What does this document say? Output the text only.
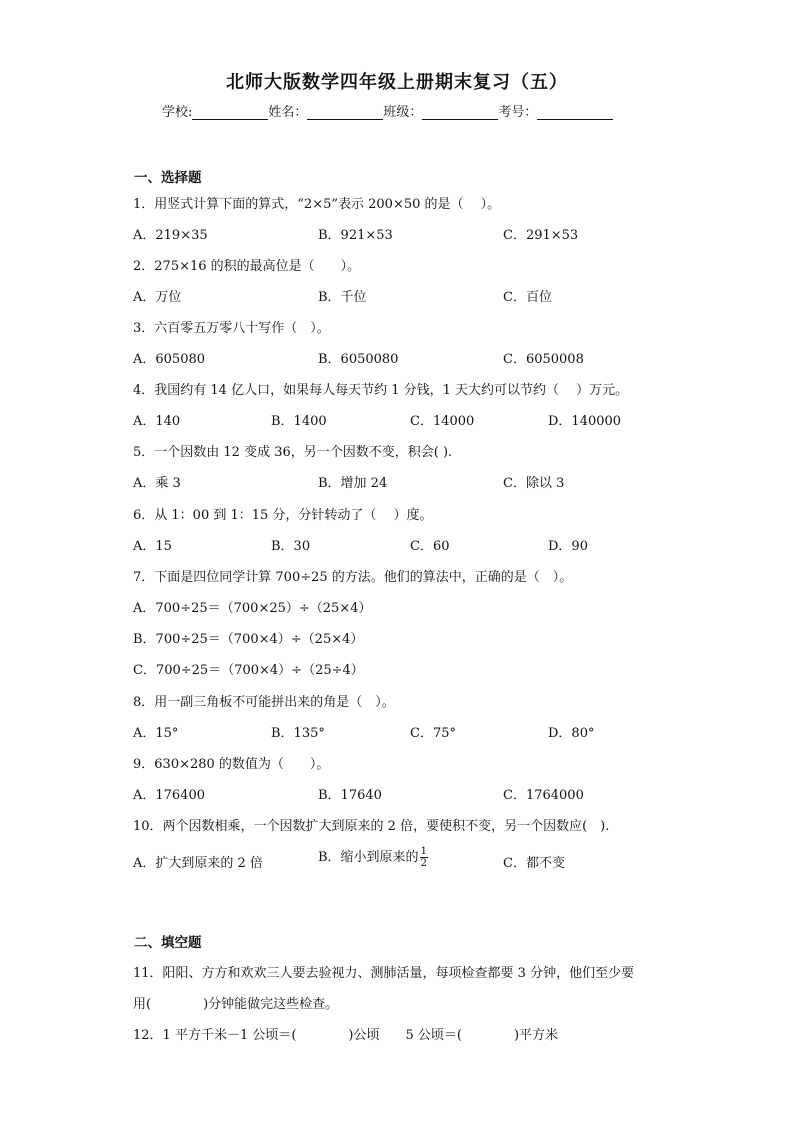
北师大版数学四年级上册期末复习（五）
学校:	姓名：	班级：	考号：
一、选择题
1．用竖式计算下面的算式，“2×5”表示 200×50 的是（　 ）。
A．219×35	B．921×53	C．291×53
2．275×16 的积的最高位是（　　）。
A．万位	B．千位	C．百位
3．六百零五万零八十写作（　）。
A．605080	B．6050080	C．6050008
4．我国约有 14 亿人口，如果每人每天节约 1 分钱，1 天大约可以节约（　 ）万元。
A．140	B．1400	C．14000	D．140000
5．一个因数由 12 变成 36，另一个因数不变，积会( ).
A．乘 3	B．增加 24	C．除以 3
6．从 1：00 到 1：15 分，分针转动了（　 ）度。
A．15	B．30	C．60	D．90
7．下面是四位同学计算 700÷25 的方法。他们的算法中，正确的是（　）。
A．700÷25＝（700×25）÷（25×4）
B．700÷25＝（700×4）÷（25×4）
C．700÷25＝（700×4）÷（25÷4）
8．用一副三角板不可能拼出来的角是（　）。
A．15°	B．135°	C．75°	D．80°
9．630×280 的数值为（　　）。
A．176400	B．17640	C．1764000
10．两个因数相乘，一个因数扩大到原来的 2 倍，要使积不变，另一个因数应(　).
A．扩大到原来的 2 倍	B．缩小到原来的 $\frac{1}{2}$	C．都不变
二、填空题
11．阳阳、方方和欢欢三人要去验视力、测肺活量，每项检查都要 3 分钟，他们至少要
用(　　　　)分钟能做完这些检查。
12．1 平方千米－1 公顷＝(　　　　)公顷　　5 公顷＝(　　　　)平方米
